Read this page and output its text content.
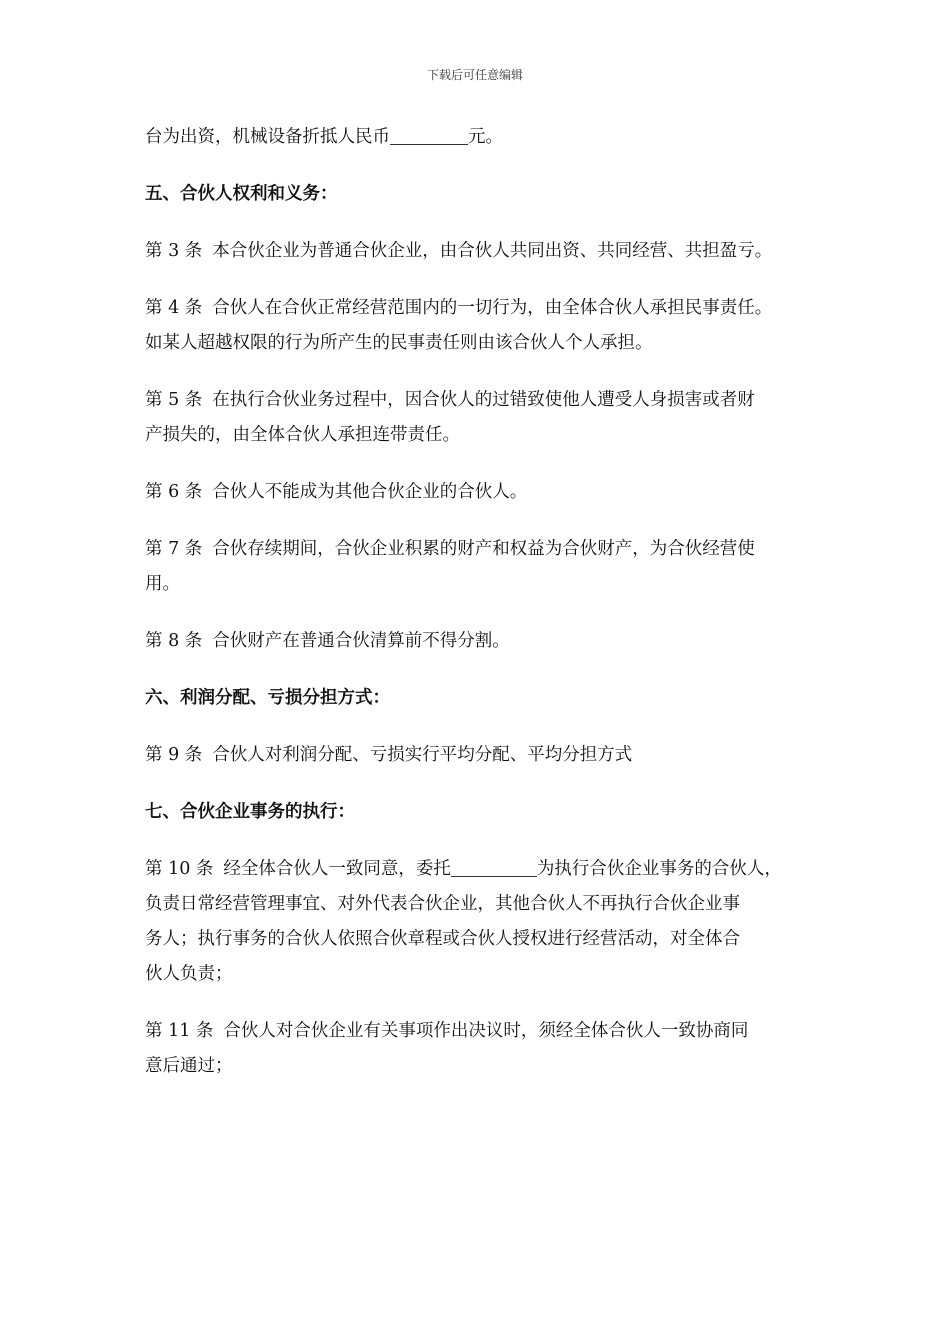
下载后可任意编辑

台为出资，机械设备折抵人民币	元。

五、合伙人权利和义务：

第 3 条 本合伙企业为普通合伙企业，由合伙人共同出资、共同经营、共担盈亏。

第 4 条 合伙人在合伙正常经营范围内的一切行为，由全体合伙人承担民事责任。

如某人超越权限的行为所产生的民事责任则由该合伙人个人承担。

第 5 条 在执行合伙业务过程中，因合伙人的过错致使他人遭受人身损害或者财

产损失的，由全体合伙人承担连带责任。

第 6 条 合伙人不能成为其他合伙企业的合伙人。

第 7 条 合伙存续期间，合伙企业积累的财产和权益为合伙财产，为合伙经营使

用。

第 8 条 合伙财产在普通合伙清算前不得分割。

六、利润分配、亏损分担方式：

第 9 条 合伙人对利润分配、亏损实行平均分配、平均分担方式

七、合伙企业事务的执行：

第 10 条 经全体合伙人一致同意，委托	为执行合伙企业事务的合伙人，

负责日常经营管理事宜、对外代表合伙企业，其他合伙人不再执行合伙企业事

务人；执行事务的合伙人依照合伙章程或合伙人授权进行经营活动，对全体合

伙人负责；

第 11 条 合伙人对合伙企业有关事项作出决议时，须经全体合伙人一致协商同

意后通过；
